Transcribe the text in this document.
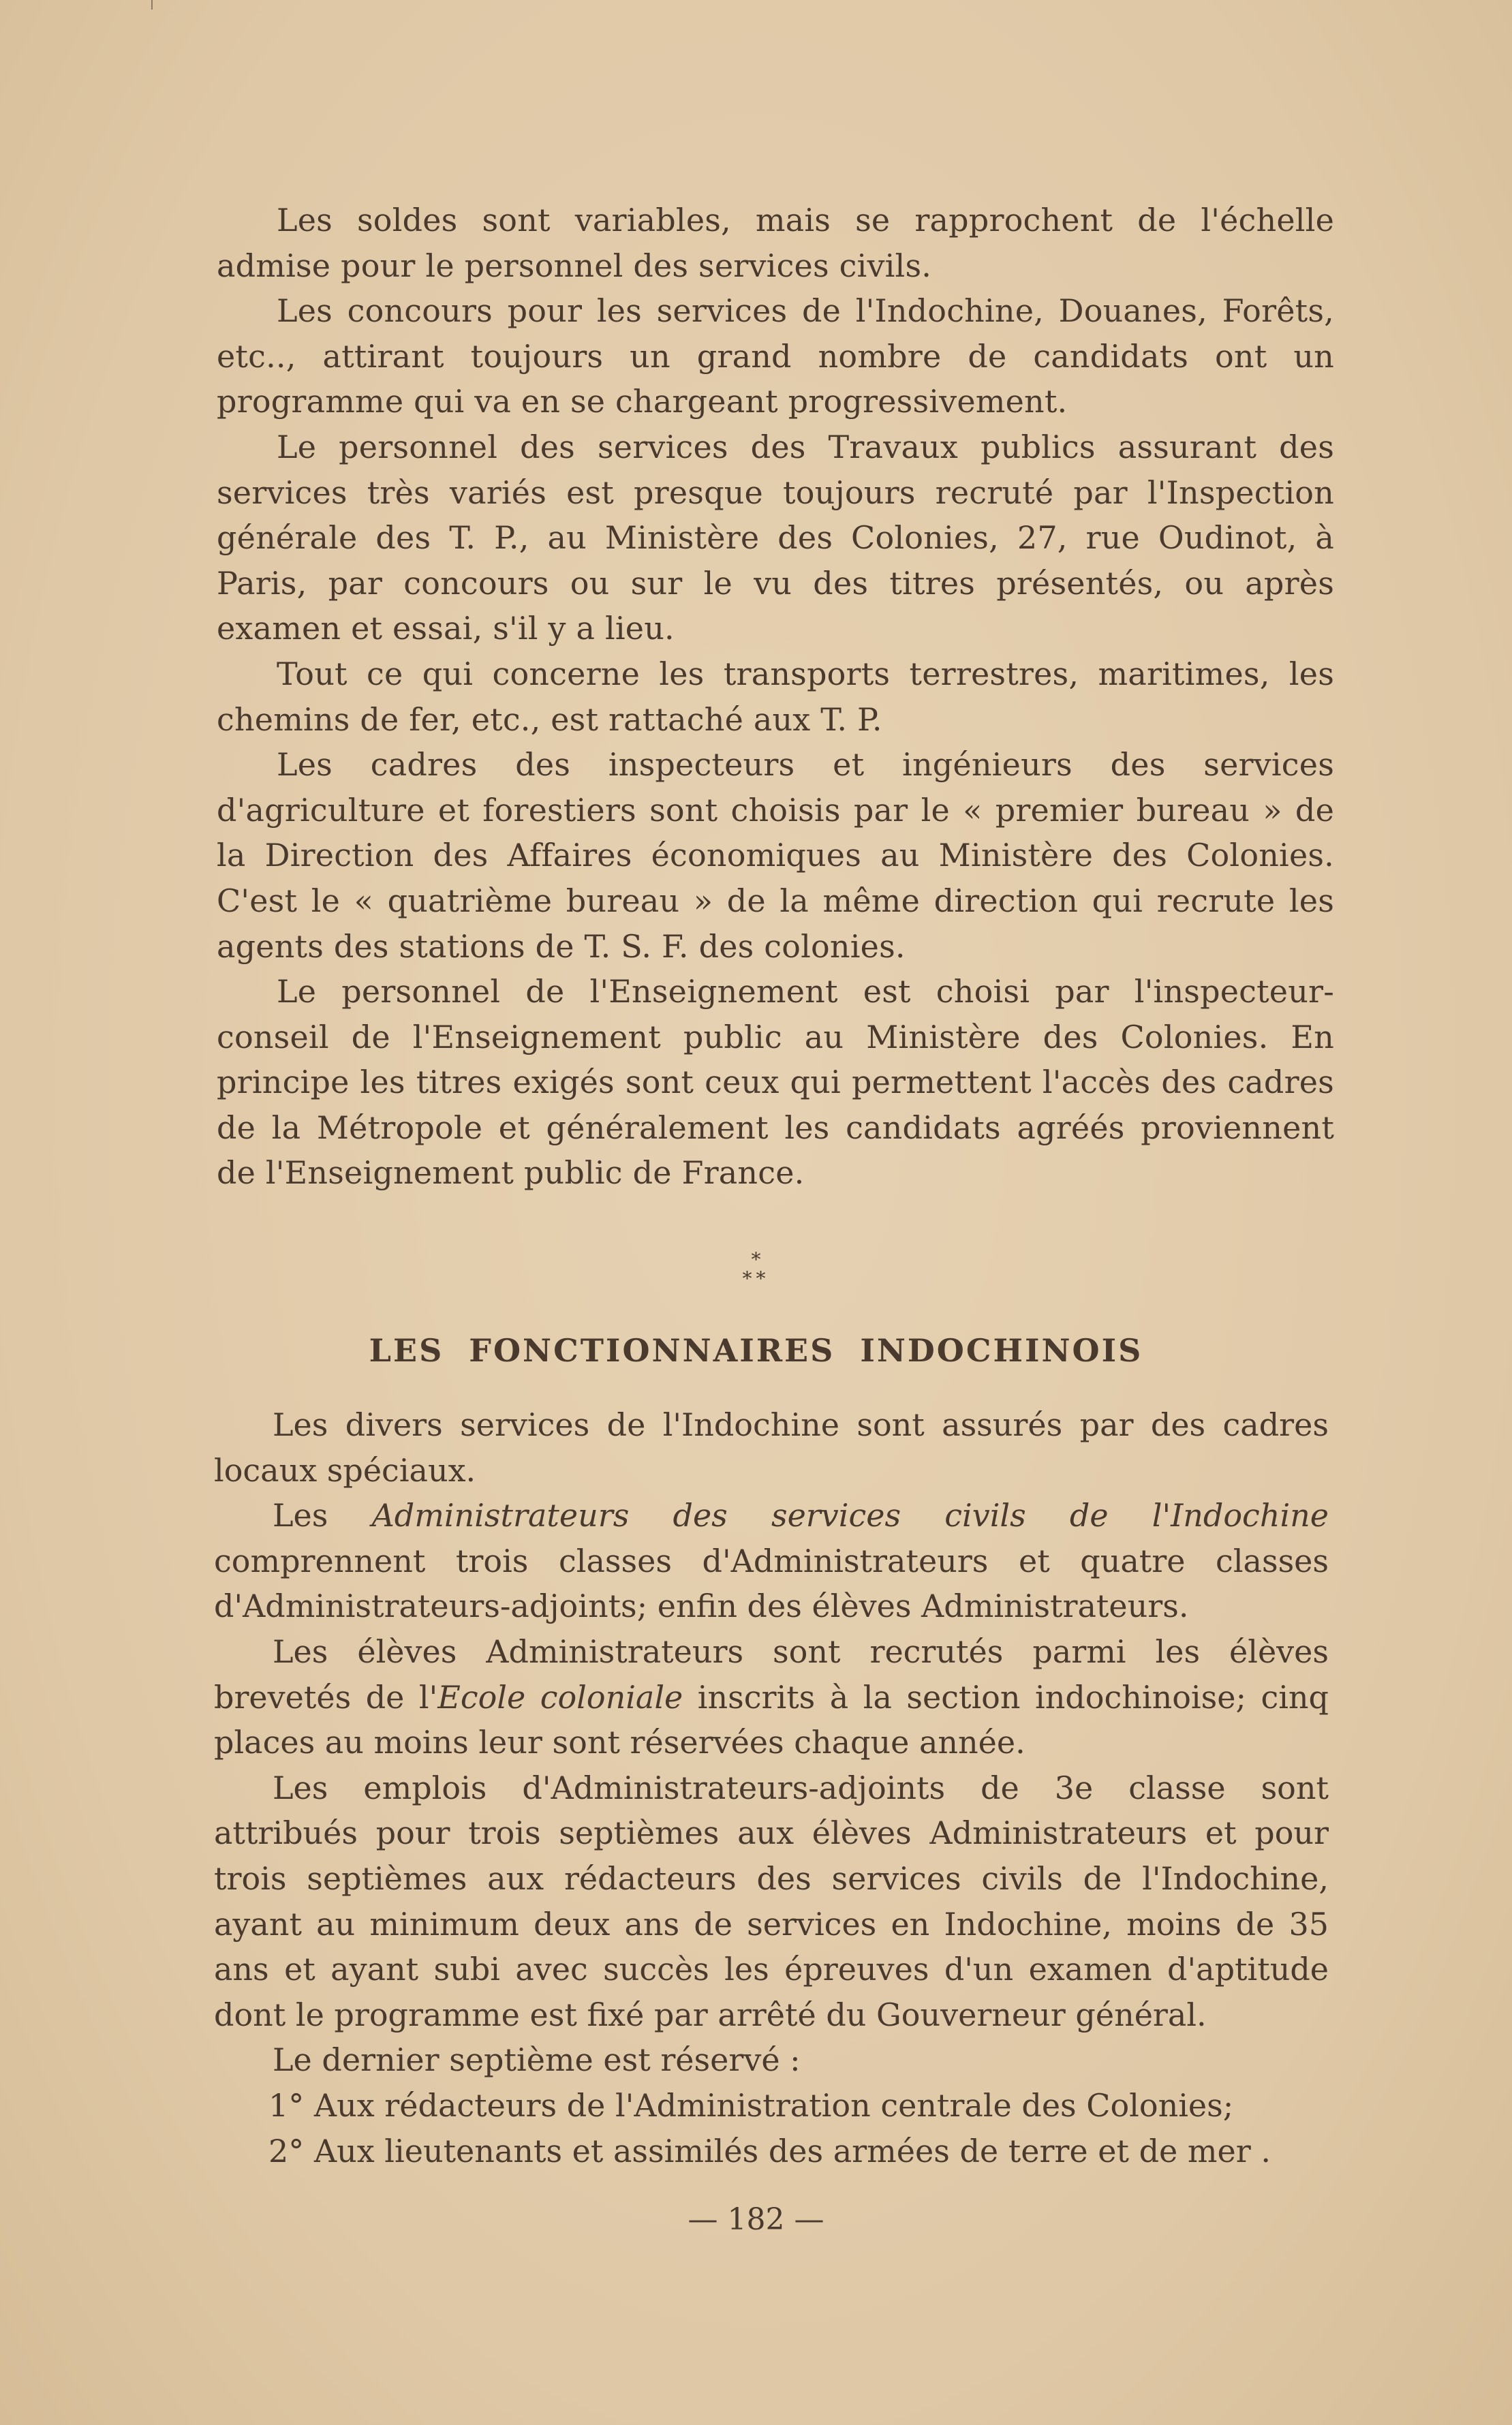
Les soldes sont variables, mais se rapprochent de l'échelle admise pour le personnel des services civils.

Les concours pour les services de l'Indochine, Douanes, Forêts, etc.., attirant toujours un grand nombre de candidats ont un programme qui va en se chargeant progressivement.

Le personnel des services des Travaux publics assurant des services très variés est presque toujours recruté par l'Inspection générale des T. P., au Ministère des Colonies, 27, rue Oudinot, à Paris, par concours ou sur le vu des titres présentés, ou après examen et essai, s'il y a lieu.

Tout ce qui concerne les transports terrestres, maritimes, les chemins de fer, etc., est rattaché aux T. P.

Les cadres des inspecteurs et ingénieurs des services d'agriculture et forestiers sont choisis par le « premier bureau » de la Direction des Affaires économiques au Ministère des Colonies. C'est le « quatrième bureau » de la même direction qui recrute les agents des stations de T. S. F. des colonies.

Le personnel de l'Enseignement est choisi par l'inspecteur-conseil de l'Enseignement public au Ministère des Colonies. En principe les titres exigés sont ceux qui permettent l'accès des cadres de la Métropole et généralement les candidats agréés proviennent de l'Enseignement public de France.

*
**
LES FONCTIONNAIRES INDOCHINOIS

Les divers services de l'Indochine sont assurés par des cadres locaux spéciaux.

Les Administrateurs des services civils de l'Indochine comprennent trois classes d'Administrateurs et quatre classes d'Administrateurs-adjoints; enfin des élèves Administrateurs.

Les élèves Administrateurs sont recrutés parmi les élèves brevetés de l'Ecole coloniale inscrits à la section indochinoise; cinq places au moins leur sont réservées chaque année.

Les emplois d'Administrateurs-adjoints de 3e classe sont attribués pour trois septièmes aux élèves Administrateurs et pour trois septièmes aux rédacteurs des services civils de l'Indochine, ayant au minimum deux ans de services en Indochine, moins de 35 ans et ayant subi avec succès les épreuves d'un examen d'aptitude dont le programme est fixé par arrêté du Gouverneur général.

Le dernier septième est réservé :

1° Aux rédacteurs de l'Administration centrale des Colonies;

2° Aux lieutenants et assimilés des armées de terre et de mer .

— 182 —
